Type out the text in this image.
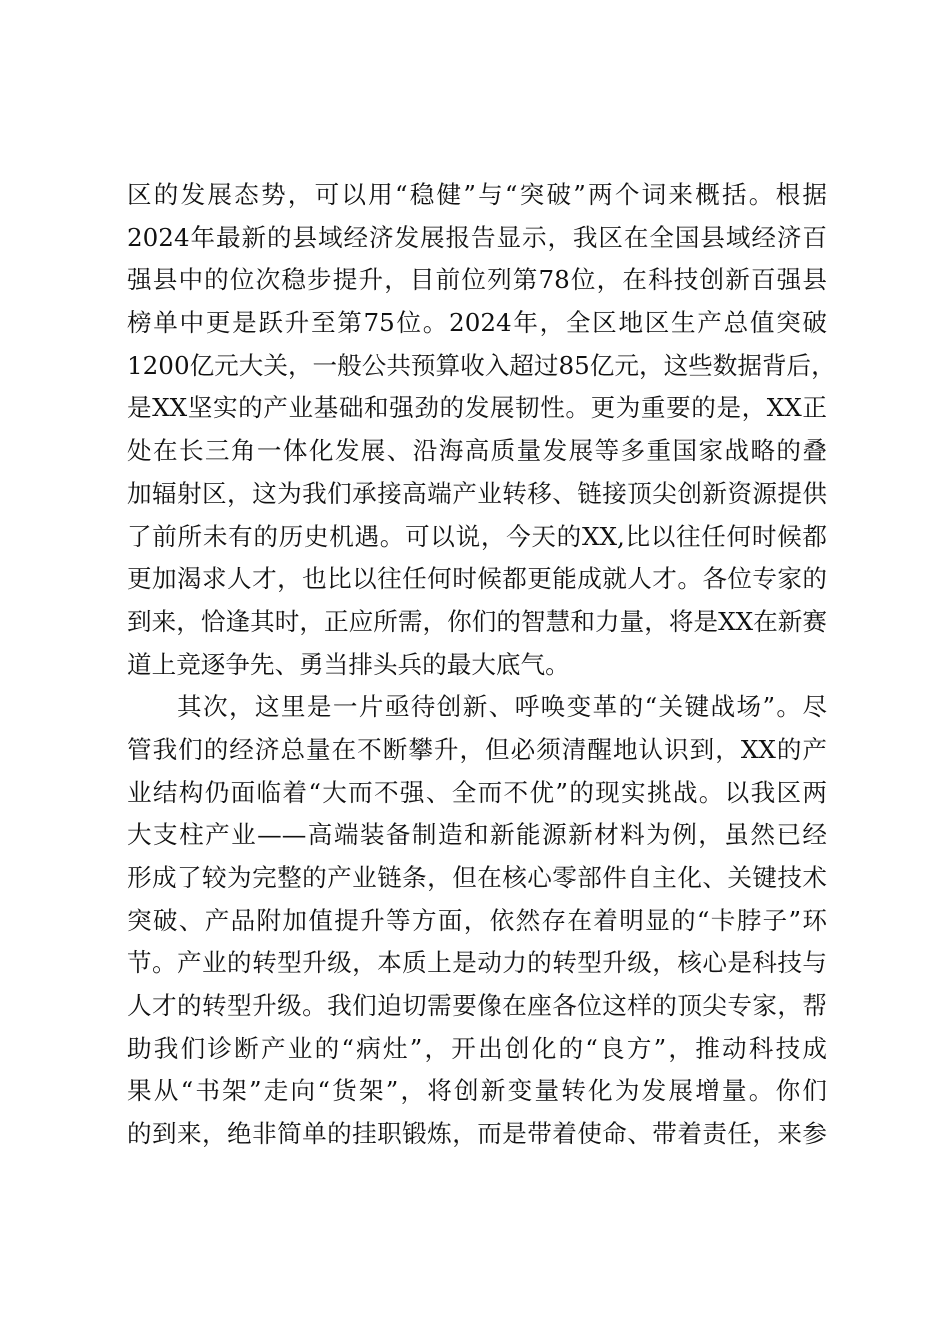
区的发展态势，可以用“稳健”与“突破”两个词来概括。根据
2024年最新的县域经济发展报告显示，我区在全国县域经济百
强县中的位次稳步提升，目前位列第78位，在科技创新百强县
榜单中更是跃升至第75位。2024年，全区地区生产总值突破
1200亿元大关，一般公共预算收入超过85亿元，这些数据背后，
是XX坚实的产业基础和强劲的发展韧性。更为重要的是，XX正
处在长三角一体化发展、沿海高质量发展等多重国家战略的叠
加辐射区，这为我们承接高端产业转移、链接顶尖创新资源提供
了前所未有的历史机遇。可以说，今天的XX,比以往任何时候都
更加渴求人才，也比以往任何时候都更能成就人才。各位专家的
到来，恰逢其时，正应所需，你们的智慧和力量，将是XX在新赛
道上竞逐争先、勇当排头兵的最大底气。
其次，这里是一片亟待创新、呼唤变革的“关键战场”。尽
管我们的经济总量在不断攀升，但必须清醒地认识到，XX的产
业结构仍面临着“大而不强、全而不优”的现实挑战。以我区两
大支柱产业——高端装备制造和新能源新材料为例，虽然已经
形成了较为完整的产业链条，但在核心零部件自主化、关键技术
突破、产品附加值提升等方面，依然存在着明显的“卡脖子”环
节。产业的转型升级，本质上是动力的转型升级，核心是科技与
人才的转型升级。我们迫切需要像在座各位这样的顶尖专家，帮
助我们诊断产业的“病灶”，开出创化的“良方”，推动科技成
果从“书架”走向“货架”，将创新变量转化为发展增量。你们
的到来，绝非简单的挂职锻炼，而是带着使命、带着责任，来参
